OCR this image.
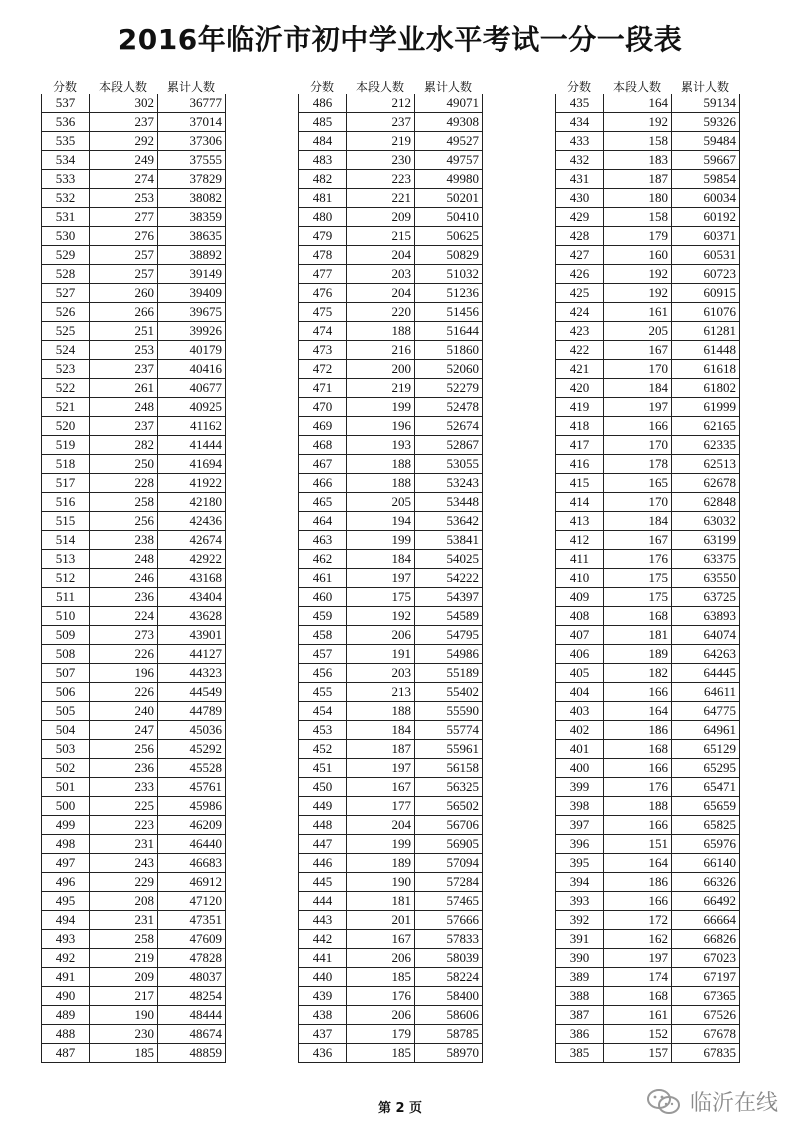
2016年临沂市初中学业水平考试一分一段表
分数	本段人数	累计人数
537	302	36777
536	237	37014
535	292	37306
534	249	37555
533	274	37829
532	253	38082
531	277	38359
530	276	38635
529	257	38892
528	257	39149
527	260	39409
526	266	39675
525	251	39926
524	253	40179
523	237	40416
522	261	40677
521	248	40925
520	237	41162
519	282	41444
518	250	41694
517	228	41922
516	258	42180
515	256	42436
514	238	42674
513	248	42922
512	246	43168
511	236	43404
510	224	43628
509	273	43901
508	226	44127
507	196	44323
506	226	44549
505	240	44789
504	247	45036
503	256	45292
502	236	45528
501	233	45761
500	225	45986
499	223	46209
498	231	46440
497	243	46683
496	229	46912
495	208	47120
494	231	47351
493	258	47609
492	219	47828
491	209	48037
490	217	48254
489	190	48444
488	230	48674
487	185	48859
分数	本段人数	累计人数
486	212	49071
485	237	49308
484	219	49527
483	230	49757
482	223	49980
481	221	50201
480	209	50410
479	215	50625
478	204	50829
477	203	51032
476	204	51236
475	220	51456
474	188	51644
473	216	51860
472	200	52060
471	219	52279
470	199	52478
469	196	52674
468	193	52867
467	188	53055
466	188	53243
465	205	53448
464	194	53642
463	199	53841
462	184	54025
461	197	54222
460	175	54397
459	192	54589
458	206	54795
457	191	54986
456	203	55189
455	213	55402
454	188	55590
453	184	55774
452	187	55961
451	197	56158
450	167	56325
449	177	56502
448	204	56706
447	199	56905
446	189	57094
445	190	57284
444	181	57465
443	201	57666
442	167	57833
441	206	58039
440	185	58224
439	176	58400
438	206	58606
437	179	58785
436	185	58970
分数	本段人数	累计人数
435	164	59134
434	192	59326
433	158	59484
432	183	59667
431	187	59854
430	180	60034
429	158	60192
428	179	60371
427	160	60531
426	192	60723
425	192	60915
424	161	61076
423	205	61281
422	167	61448
421	170	61618
420	184	61802
419	197	61999
418	166	62165
417	170	62335
416	178	62513
415	165	62678
414	170	62848
413	184	63032
412	167	63199
411	176	63375
410	175	63550
409	175	63725
408	168	63893
407	181	64074
406	189	64263
405	182	64445
404	166	64611
403	164	64775
402	186	64961
401	168	65129
400	166	65295
399	176	65471
398	188	65659
397	166	65825
396	151	65976
395	164	66140
394	186	66326
393	166	66492
392	172	66664
391	162	66826
390	197	67023
389	174	67197
388	168	67365
387	161	67526
386	152	67678
385	157	67835
第 2 页	临沂在线
